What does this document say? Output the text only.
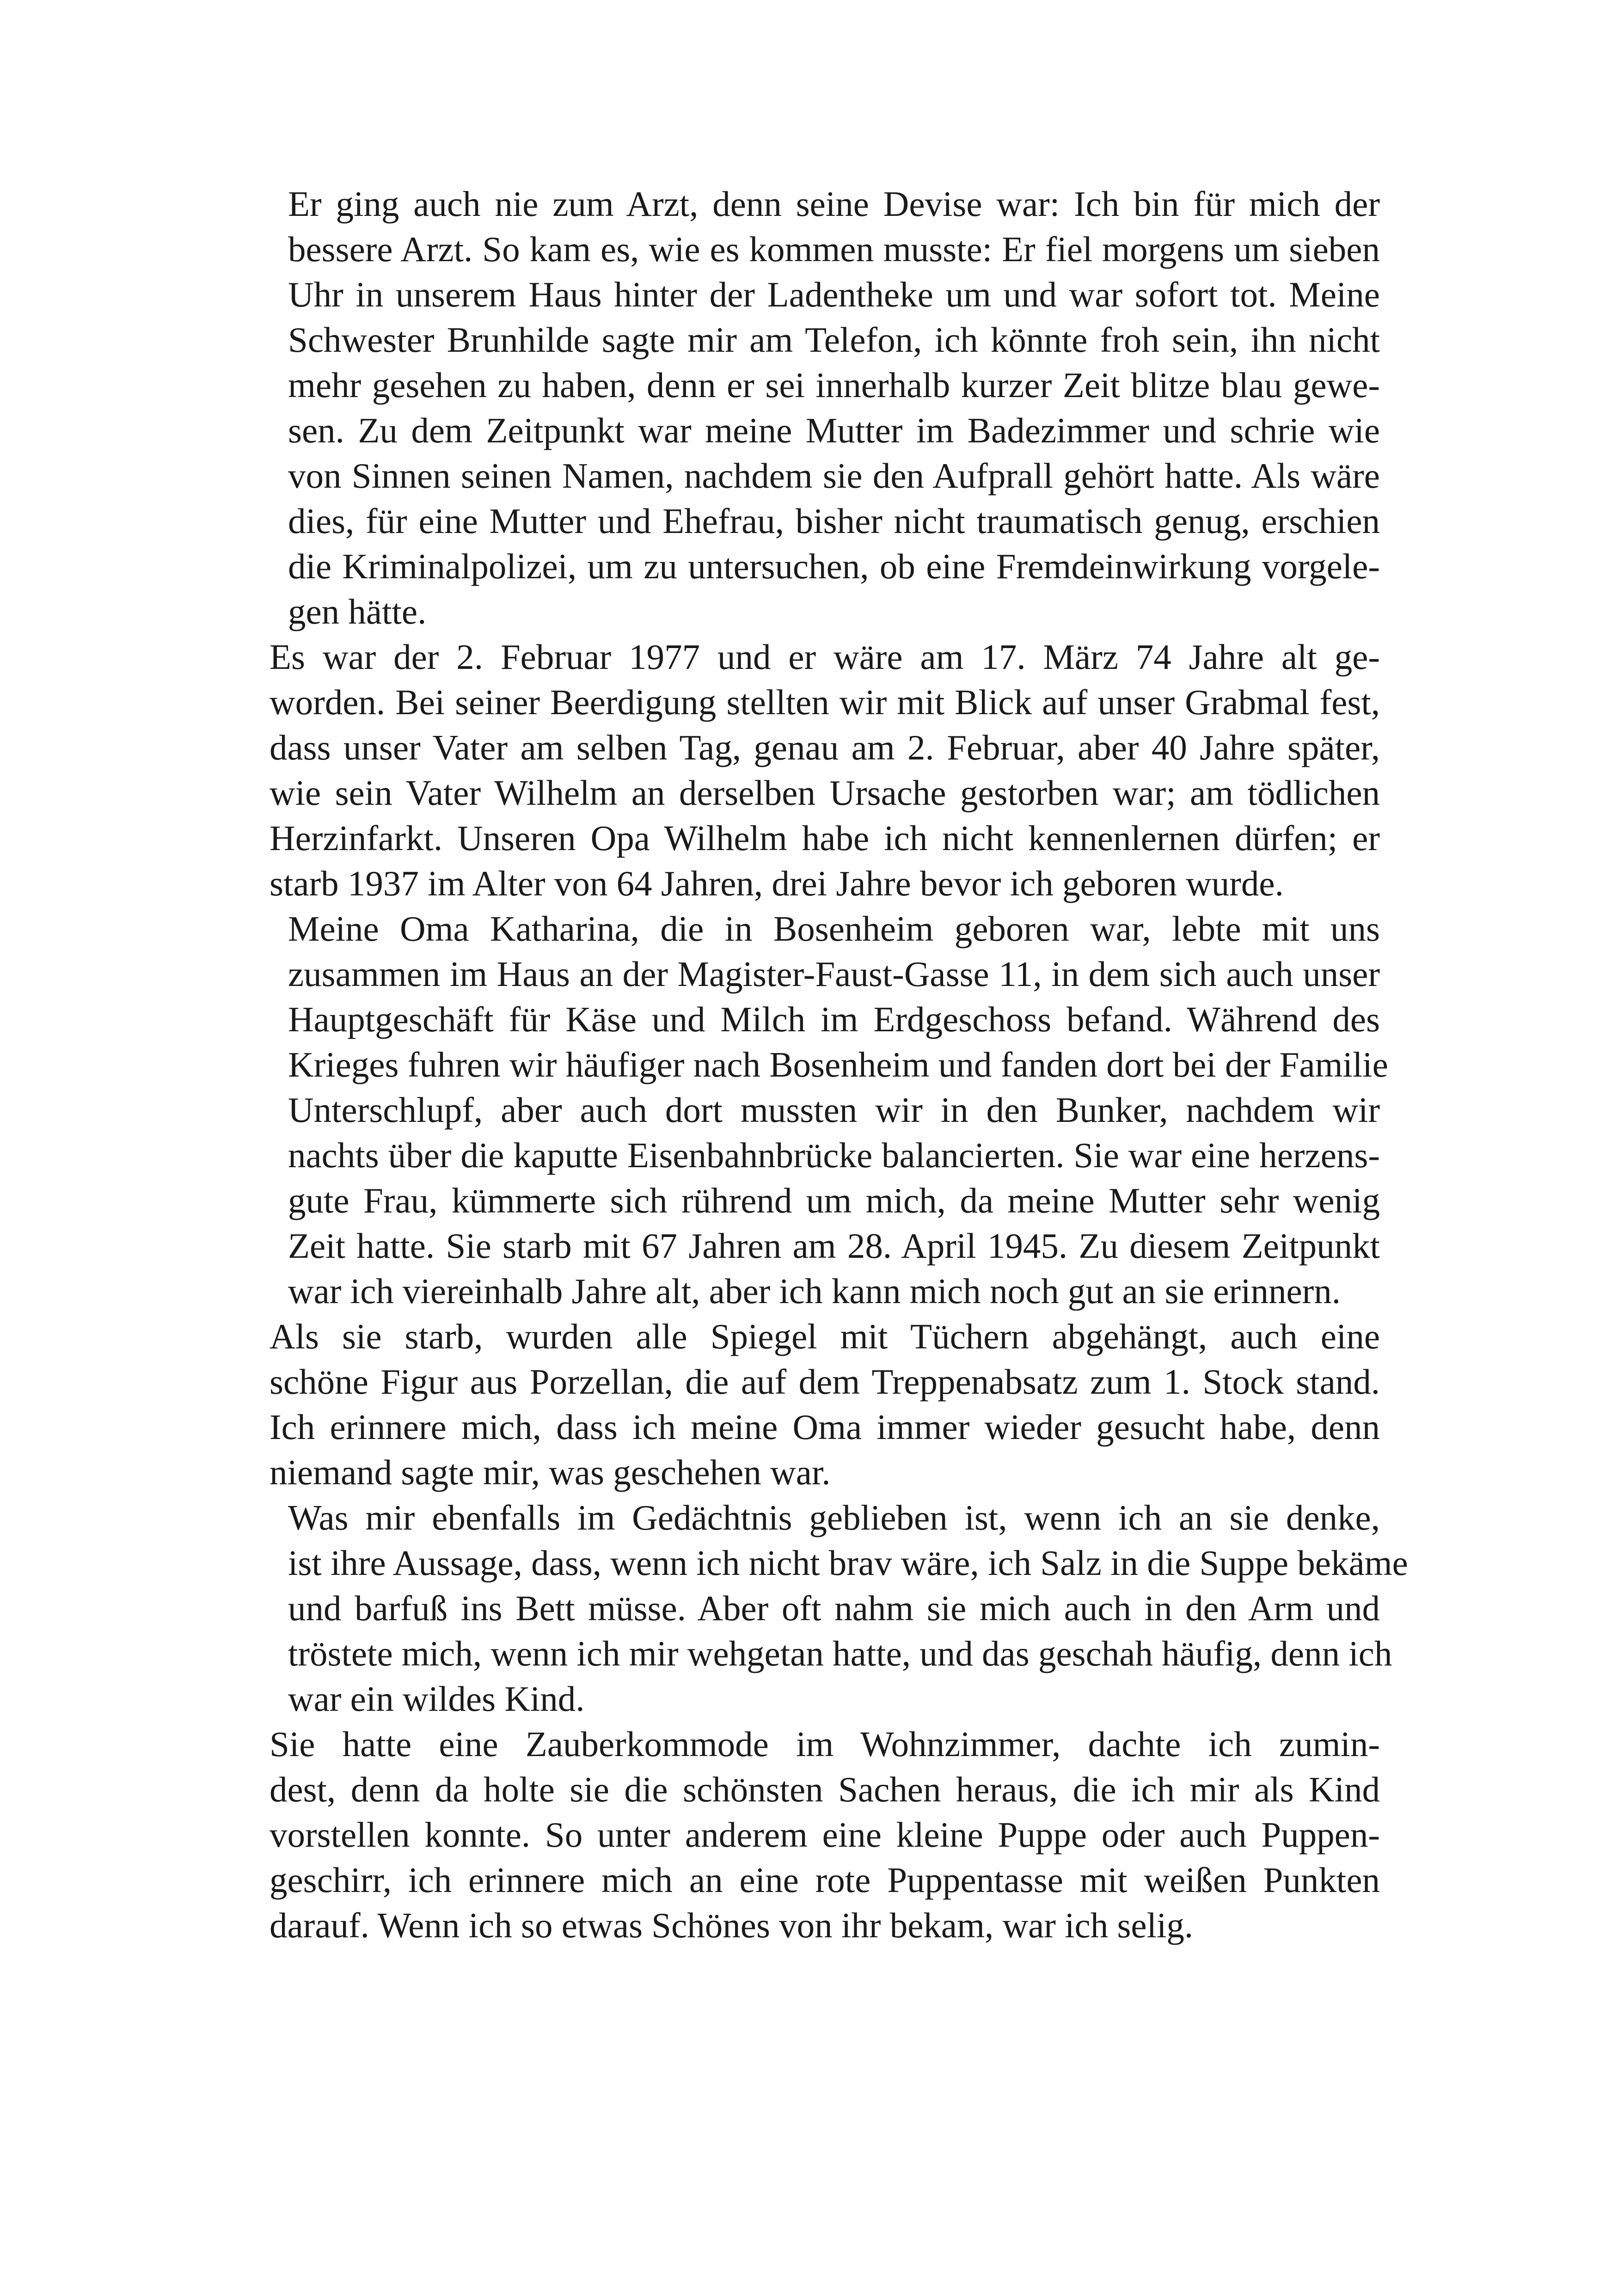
Er ging auch nie zum Arzt, denn seine Devise war: Ich bin für mich der
bessere Arzt. So kam es, wie es kommen musste: Er fiel morgens um sieben
Uhr in unserem Haus hinter der Ladentheke um und war sofort tot. Meine
Schwester Brunhilde sagte mir am Telefon, ich könnte froh sein, ihn nicht
mehr gesehen zu haben, denn er sei innerhalb kurzer Zeit blitze blau gewe-
sen. Zu dem Zeitpunkt war meine Mutter im Badezimmer und schrie wie
von Sinnen seinen Namen, nachdem sie den Aufprall gehört hatte. Als wäre
dies, für eine Mutter und Ehefrau, bisher nicht traumatisch genug, erschien
die Kriminalpolizei, um zu untersuchen, ob eine Fremdeinwirkung vorgele-
gen hätte.

Es war der 2. Februar 1977 und er wäre am 17. März 74 Jahre alt ge-
worden. Bei seiner Beerdigung stellten wir mit Blick auf unser Grabmal fest,
dass unser Vater am selben Tag, genau am 2. Februar, aber 40 Jahre später,
wie sein Vater Wilhelm an derselben Ursache gestorben war; am tödlichen
Herzinfarkt. Unseren Opa Wilhelm habe ich nicht kennenlernen dürfen; er
starb 1937 im Alter von 64 Jahren, drei Jahre bevor ich geboren wurde.

Meine Oma Katharina, die in Bosenheim geboren war, lebte mit uns
zusammen im Haus an der Magister-Faust-Gasse 11, in dem sich auch unser
Hauptgeschäft für Käse und Milch im Erdgeschoss befand. Während des
Krieges fuhren wir häufiger nach Bosenheim und fanden dort bei der Familie
Unterschlupf, aber auch dort mussten wir in den Bunker, nachdem wir
nachts über die kaputte Eisenbahnbrücke balancierten. Sie war eine herzens-
gute Frau, kümmerte sich rührend um mich, da meine Mutter sehr wenig
Zeit hatte. Sie starb mit 67 Jahren am 28. April 1945. Zu diesem Zeitpunkt
war ich viereinhalb Jahre alt, aber ich kann mich noch gut an sie erinnern.

Als sie starb, wurden alle Spiegel mit Tüchern abgehängt, auch eine
schöne Figur aus Porzellan, die auf dem Treppenabsatz zum 1. Stock stand.
Ich erinnere mich, dass ich meine Oma immer wieder gesucht habe, denn
niemand sagte mir, was geschehen war.

Was mir ebenfalls im Gedächtnis geblieben ist, wenn ich an sie denke,
ist ihre Aussage, dass, wenn ich nicht brav wäre, ich Salz in die Suppe bekäme
und barfuß ins Bett müsse. Aber oft nahm sie mich auch in den Arm und
tröstete mich, wenn ich mir wehgetan hatte, und das geschah häufig, denn ich
war ein wildes Kind.

Sie hatte eine Zauberkommode im Wohnzimmer, dachte ich zumin-
dest, denn da holte sie die schönsten Sachen heraus, die ich mir als Kind
vorstellen konnte. So unter anderem eine kleine Puppe oder auch Puppen-
geschirr, ich erinnere mich an eine rote Puppentasse mit weißen Punkten
darauf. Wenn ich so etwas Schönes von ihr bekam, war ich selig.
